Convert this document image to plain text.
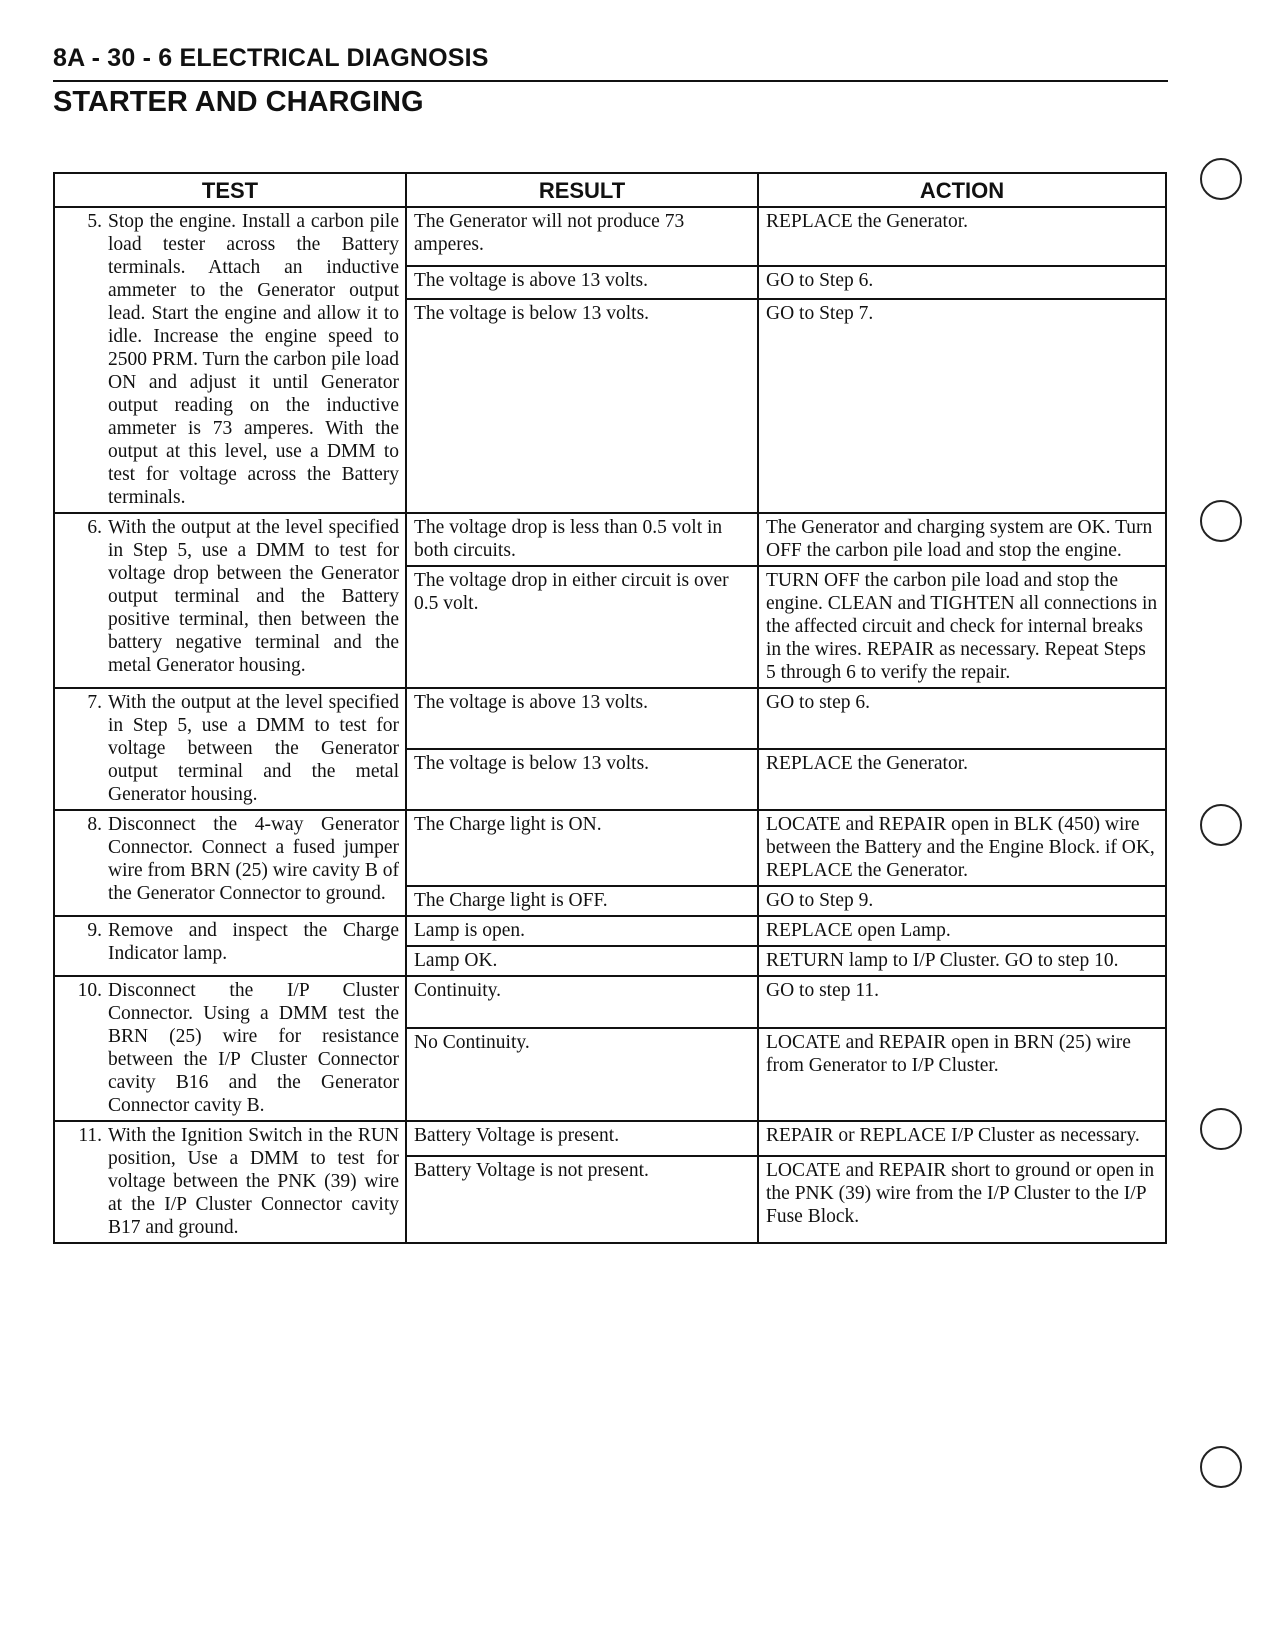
8A - 30 - 6 ELECTRICAL DIAGNOSIS
STARTER AND CHARGING
TEST	RESULT	ACTION

5. Stop the engine. Install a carbon pile load tester across the Battery terminals. Attach an inductive ammeter to the Generator output lead. Start the engine and allow it to idle. Increase the engine speed to 2500 PRM. Turn the carbon pile load ON and adjust it until Generator output reading on the inductive ammeter is 73 amperes. With the output at this level, use a DMM to test for voltage across the Battery terminals.	The Generator will not produce 73 amperes.	REPLACE the Generator.
	The voltage is above 13 volts.	GO to Step 6.
	The voltage is below 13 volts.	GO to Step 7.

6. With the output at the level specified in Step 5, use a DMM to test for voltage drop between the Generator output terminal and the Battery positive terminal, then between the battery negative terminal and the metal Generator housing.	The voltage drop is less than 0.5 volt in both circuits.	The Generator and charging system are OK. Turn OFF the carbon pile load and stop the engine.
	The voltage drop in either circuit is over 0.5 volt.	TURN OFF the carbon pile load and stop the engine. CLEAN and TIGHTEN all connections in the affected circuit and check for internal breaks in the wires. REPAIR as necessary. Repeat Steps 5 through 6 to verify the repair.

7. With the output at the level specified in Step 5, use a DMM to test for voltage between the Generator output terminal and the metal Generator housing.	The voltage is above 13 volts.	GO to step 6.
	The voltage is below 13 volts.	REPLACE the Generator.

8. Disconnect the 4-way Generator Connector. Connect a fused jumper wire from BRN (25) wire cavity B of the Generator Connector to ground.	The Charge light is ON.	LOCATE and REPAIR open in BLK (450) wire between the Battery and the Engine Block. if OK, REPLACE the Generator.
	The Charge light is OFF.	GO to Step 9.

9. Remove and inspect the Charge Indicator lamp.	Lamp is open.	REPLACE open Lamp.
	Lamp OK.	RETURN lamp to I/P Cluster. GO to step 10.

10. Disconnect the I/P Cluster Connector. Using a DMM test the BRN (25) wire for resistance between the I/P Cluster Connector cavity B16 and the Generator Connector cavity B.	Continuity.	GO to step 11.
	No Continuity.	LOCATE and REPAIR open in BRN (25) wire from Generator to I/P Cluster.

11. With the Ignition Switch in the RUN position, Use a DMM to test for voltage between the PNK (39) wire at the I/P Cluster Connector cavity B17 and ground.	Battery Voltage is present.	REPAIR or REPLACE I/P Cluster as necessary.
	Battery Voltage is not present.	LOCATE and REPAIR short to ground or open in the PNK (39) wire from the I/P Cluster to the I/P Fuse Block.
